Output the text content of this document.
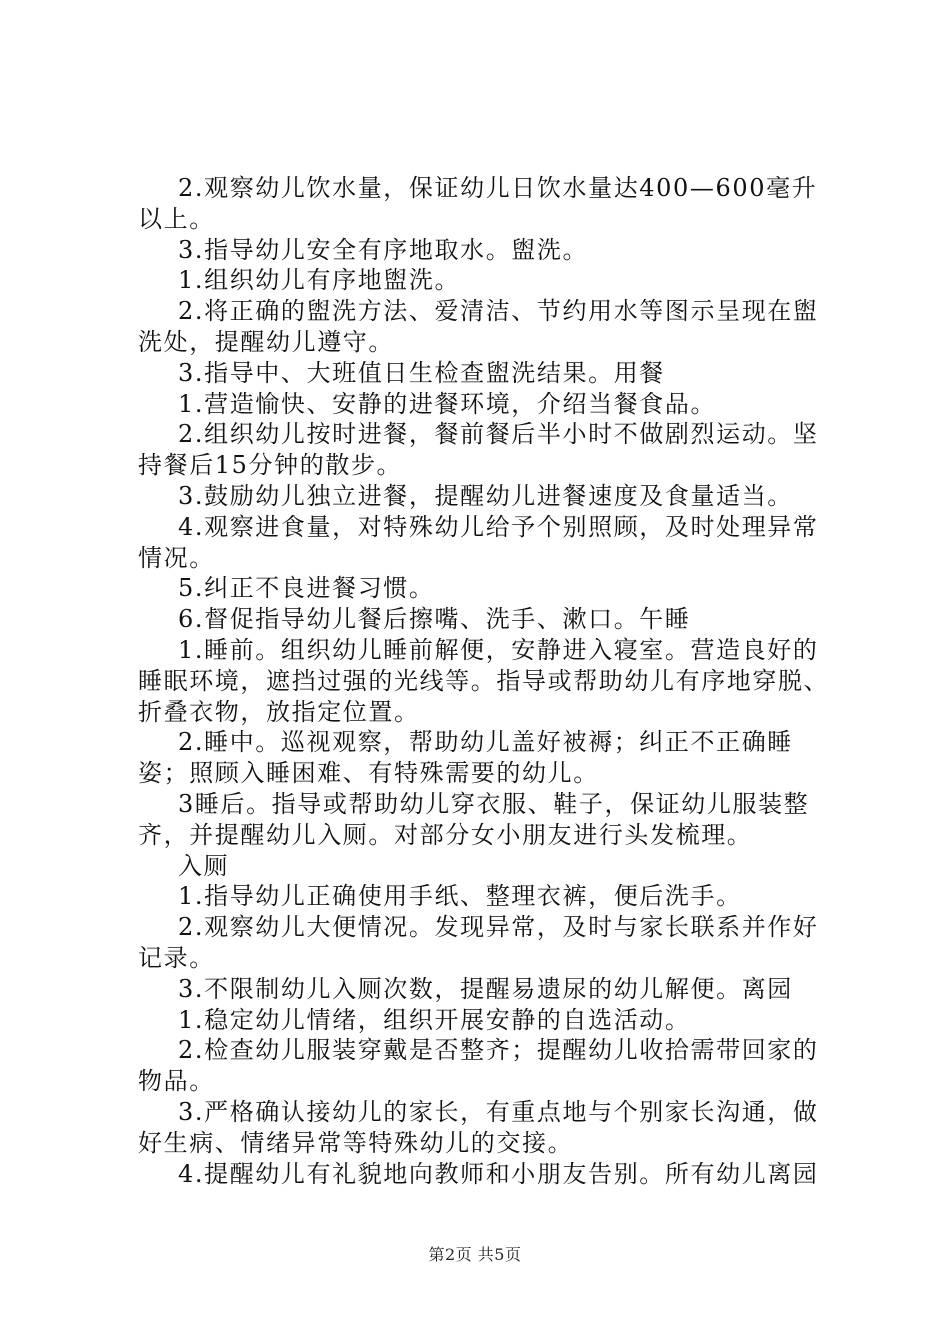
2.观察幼儿饮水量，保证幼儿日饮水量达400—600毫升以上。

3.指导幼儿安全有序地取水。盥洗。

1.组织幼儿有序地盥洗。

2.将正确的盥洗方法、爱清洁、节约用水等图示呈现在盥洗处，提醒幼儿遵守。

3.指导中、大班值日生检查盥洗结果。用餐

1.营造愉快、安静的进餐环境，介绍当餐食品。

2.组织幼儿按时进餐，餐前餐后半小时不做剧烈运动。坚持餐后15分钟的散步。

3.鼓励幼儿独立进餐，提醒幼儿进餐速度及食量适当。

4.观察进食量，对特殊幼儿给予个别照顾，及时处理异常情况。

5.纠正不良进餐习惯。

6.督促指导幼儿餐后擦嘴、洗手、漱口。午睡

1.睡前。组织幼儿睡前解便，安静进入寝室。营造良好的睡眠环境，遮挡过强的光线等。指导或帮助幼儿有序地穿脱、折叠衣物，放指定位置。

2.睡中。巡视观察，帮助幼儿盖好被褥；纠正不正确睡姿；照顾入睡困难、有特殊需要的幼儿。

3睡后。指导或帮助幼儿穿衣服、鞋子，保证幼儿服装整齐，并提醒幼儿入厕。对部分女小朋友进行头发梳理。

入厕

1.指导幼儿正确使用手纸、整理衣裤，便后洗手。

2.观察幼儿大便情况。发现异常，及时与家长联系并作好记录。

3.不限制幼儿入厕次数，提醒易遗尿的幼儿解便。离园

1.稳定幼儿情绪，组织开展安静的自选活动。

2.检查幼儿服装穿戴是否整齐；提醒幼儿收拾需带回家的物品。

3.严格确认接幼儿的家长，有重点地与个别家长沟通，做好生病、情绪异常等特殊幼儿的交接。

4.提醒幼儿有礼貌地向教师和小朋友告别。所有幼儿离园

第2页 共5页
